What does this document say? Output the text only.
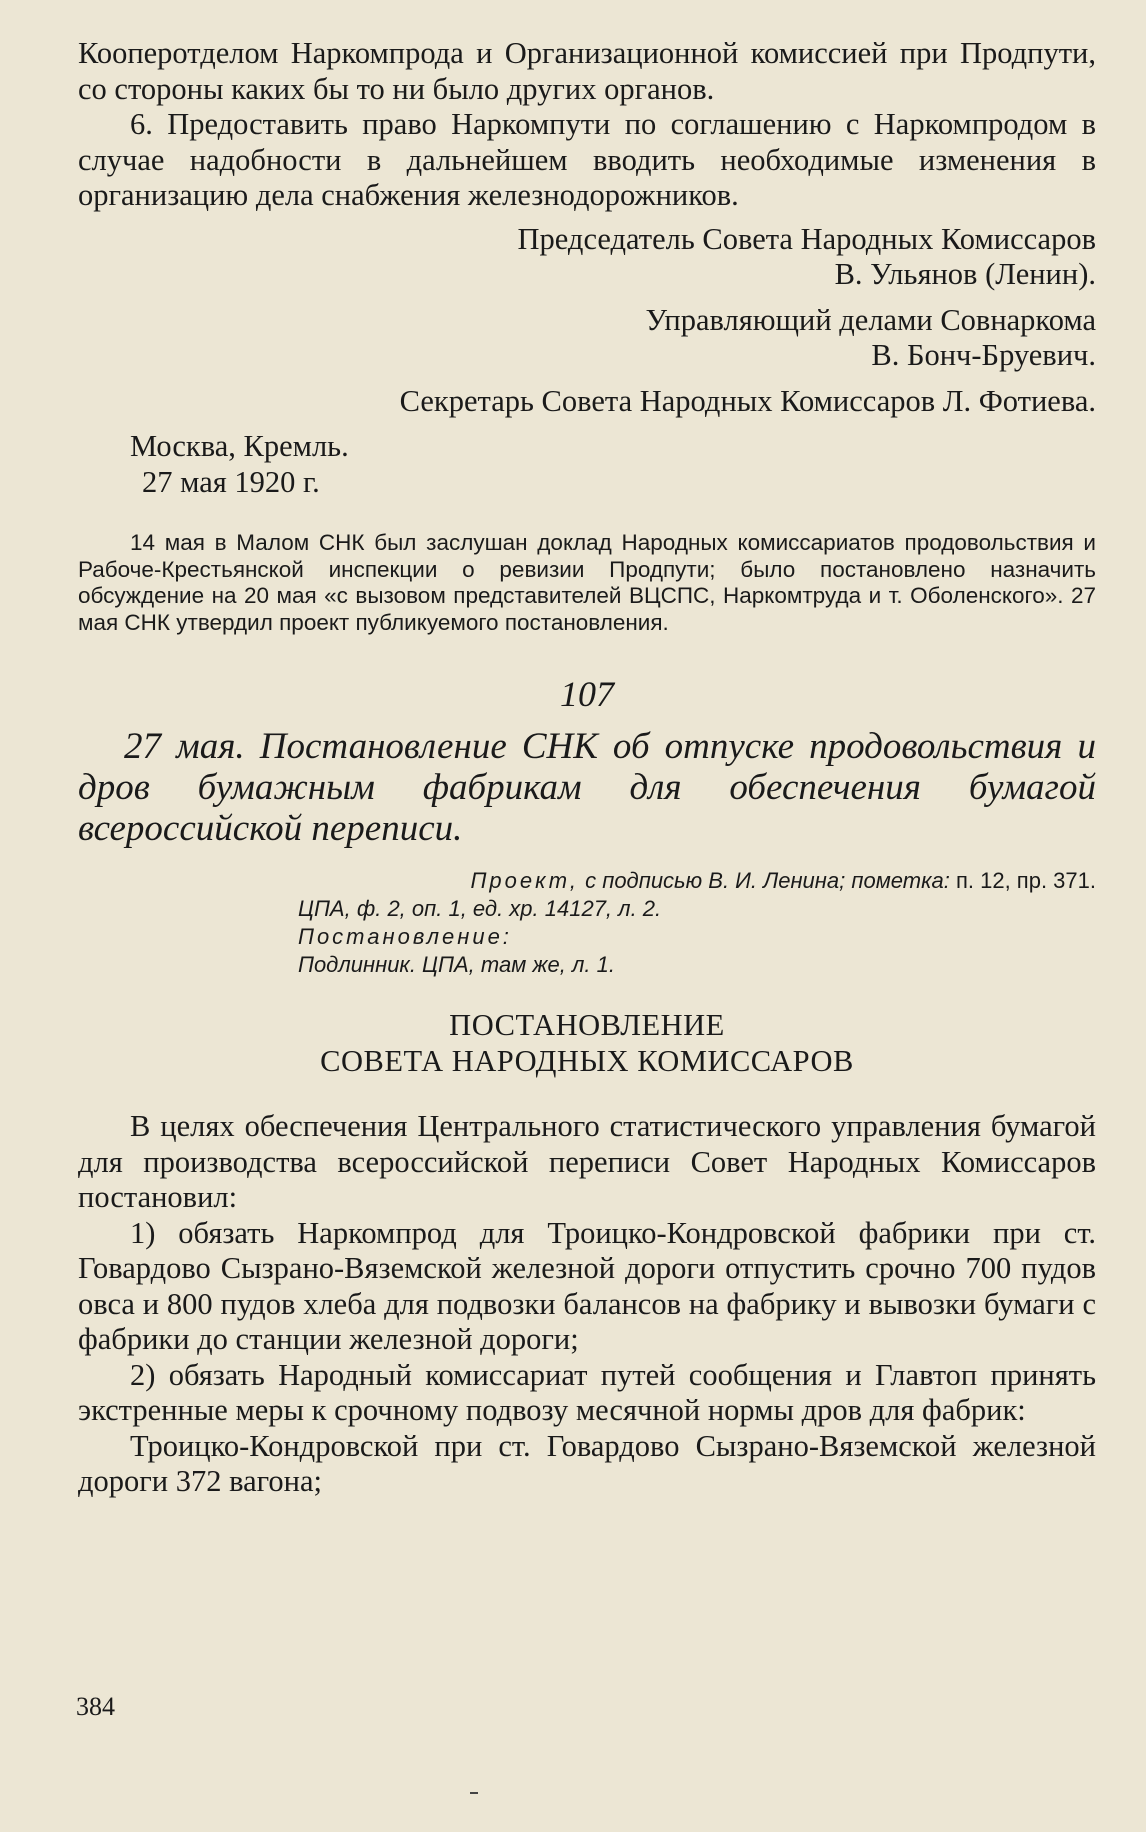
Кооперотделом Наркомпрода и Организационной комиссией при Продпути, со стороны каких бы то ни было других органов.

6. Предоставить право Наркомпути по соглашению с Наркомпродом в случае надобности в дальнейшем вводить необходимые изменения в организацию дела снабжения железнодорожников.

Председатель Совета Народных Комиссаров

В. Ульянов (Ленин).

Управляющий делами Совнаркома

В. Бонч-Бруевич.

Секретарь Совета Народных Комиссаров Л. Фотиева.

Москва, Кремль.

27 мая 1920 г.

14 мая в Малом СНК был заслушан доклад Народных комиссариатов продовольствия и Рабоче-Крестьянской инспекции о ревизии Продпути; было постановлено назначить обсуждение на 20 мая «с вызовом представителей ВЦСПС, Наркомтруда и т. Оболенского». 27 мая СНК утвердил проект публикуемого постановления.

107

27 мая. Постановление СНК об отпуске продовольствия и дров бумажным фабрикам для обеспечения бумагой всероссийской переписи.

Проект, с подписью В. И. Ленина; пометка: п. 12, пр. 371.
ЦПА, ф. 2, оп. 1, ед. хр. 14127, л. 2.
Постановление:
Подлинник. ЦПА, там же, л. 1.

ПОСТАНОВЛЕНИЕ

СОВЕТА НАРОДНЫХ КОМИССАРОВ

В целях обеспечения Центрального статистического управления бумагой для производства всероссийской переписи Совет Народных Комиссаров постановил:

1) обязать Наркомпрод для Троицко-Кондровской фабрики при ст. Говардово Сызрано-Вяземской железной дороги отпустить срочно 700 пудов овса и 800 пудов хлеба для подвозки балансов на фабрику и вывозки бумаги с фабрики до станции железной дороги;

2) обязать Народный комиссариат путей сообщения и Главтоп принять экстренные меры к срочному подвозу месячной нормы дров для фабрик:

Троицко-Кондровской при ст. Говардово Сызрано-Вяземской железной дороги 372 вагона;

384
